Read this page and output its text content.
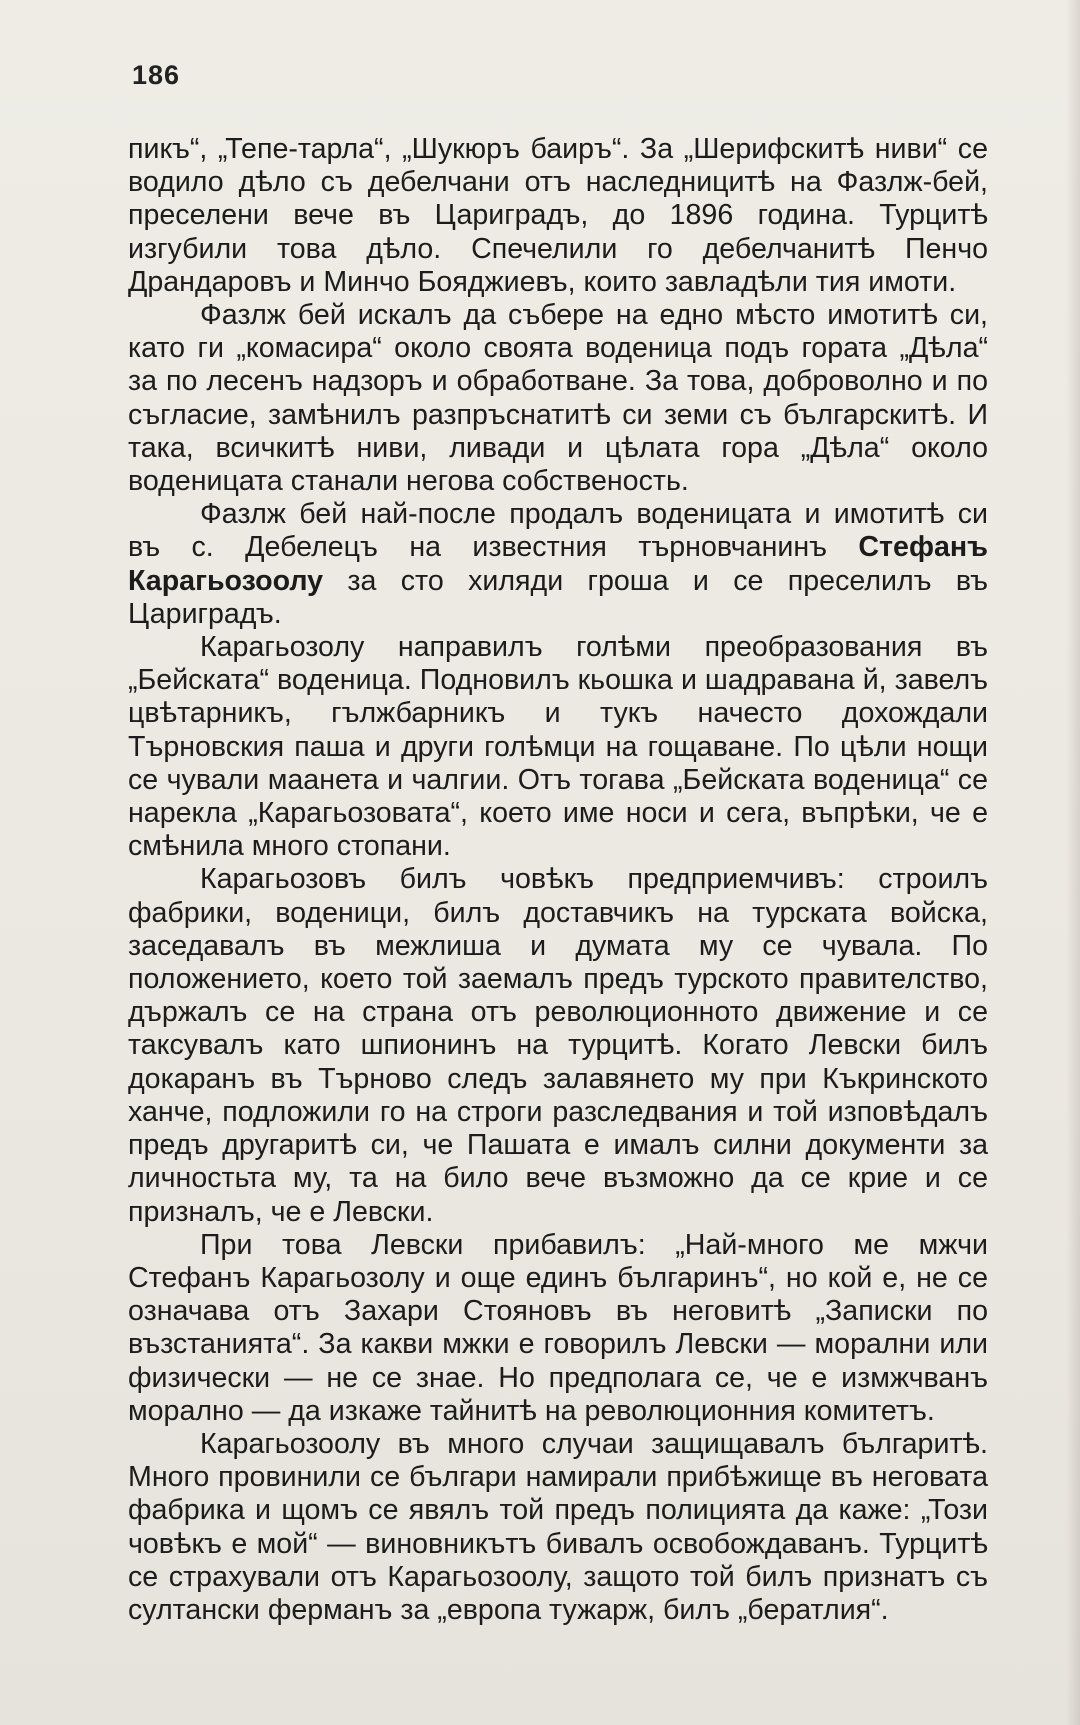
186

пикъ“, „Тепе-тарла“, „Шукюръ баиръ“. За „Шерифскитѣ ниви“ се водило дѣло съ дебелчани отъ наследницитѣ на Фазлж-бей, преселени вече въ Цариградъ, до 1896 година. Турцитѣ изгубили това дѣло. Спечелили го дебелчанитѣ Пенчо Драндаровъ и Минчо Бояджиевъ, които завладѣли тия имоти.

Фазлж бей искалъ да събере на едно мѣсто имотитѣ си, като ги „комасира“ около своята воденица подъ гората „Дѣла“ за по лесенъ надзоръ и обработване. За това, доброволно и по съгласие, замѣнилъ разпръснатитѣ си земи съ българскитѣ. И така, всичкитѣ ниви, ливади и цѣлата гора „Дѣла“ около воденицата станали негова собственость.

Фазлж бей най-после продалъ воденицата и имотитѣ си въ с. Дебелецъ на известния търновчанинъ Стефанъ Карагьозоолу за сто хиляди гроша и се преселилъ въ Цариградъ.

Карагьозолу направилъ голѣми преобразования въ „Бейската“ воденица. Подновилъ кьошка и шадравана й, завелъ цвѣтарникъ, гължбарникъ и тукъ начесто дохождали Търновския паша и други голѣмци на гощаване. По цѣли нощи се чували маанета и чалгии. Отъ тогава „Бейската воденица“ се нарекла „Карагьозовата“, което име носи и сега, въпрѣки, че е смѣнила много стопани.

Карагьозовъ билъ човѣкъ предприемчивъ: строилъ фабрики, воденици, билъ доставчикъ на турската войска, заседавалъ въ межлиша и думата му се чувала. По положението, което той заемалъ предъ турското правителство, държалъ се на страна отъ революционното движение и се таксувалъ като шпионинъ на турцитѣ. Когато Левски билъ докаранъ въ Търново следъ залавянето му при Къкринското ханче, подложили го на строги разследвания и той изповѣдалъ предъ другаритѣ си, че Пашата е ималъ силни документи за личностьта му, та на било вече възможно да се крие и се призналъ, че е Левски.

При това Левски прибавилъ: „Най-много ме мжчи Стефанъ Карагьозолу и още единъ българинъ“, но кой е, не се означава отъ Захари Стояновъ въ неговитѣ „Записки по възстанията“. За какви мжки е говорилъ Левски — морални или физически — не се знае. Но предполага се, че е измжчванъ морално — да изкаже тайнитѣ на революционния комитетъ.

Карагьозоолу въ много случаи защищавалъ българитѣ. Много провинили се българи намирали прибѣжище въ неговата фабрика и щомъ се явялъ той предъ полицията да каже: „Този човѣкъ е мой“ — виновникътъ бивалъ освобождаванъ. Турцитѣ се страхували отъ Карагьозоолу, защото той билъ признатъ съ султански ферманъ за „европа тужарж, билъ „бератлия“.
